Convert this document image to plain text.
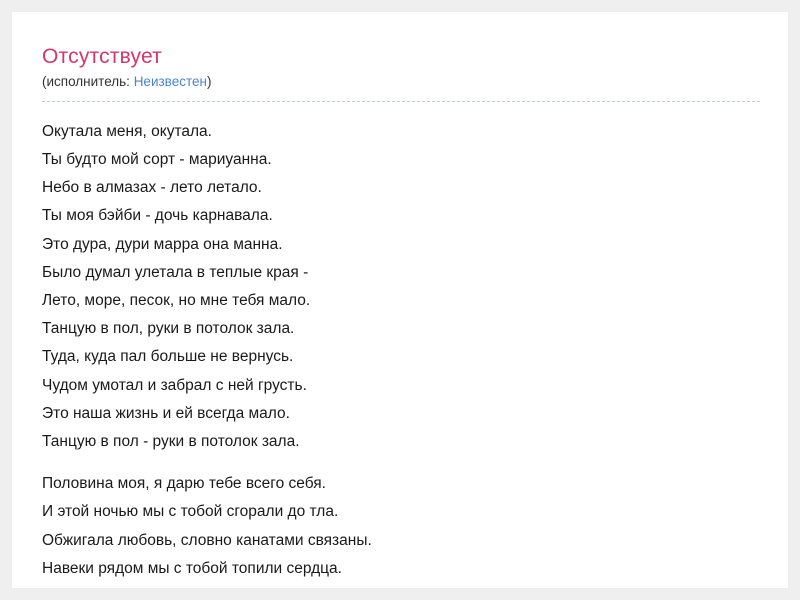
Отсутствует

(исполнитель: Неизвестен)

Окутала меня, окутала.
Ты будто мой сорт - мариуанна.
Небо в алмазах - лето летало.
Ты моя бэйби - дочь карнавала.
Это дура, дури марра она манна.
Было думал улетала в теплые края -
Лето, море, песок, но мне тебя мало.
Танцую в пол, руки в потолок зала.
Туда, куда пал больше не вернусь.
Чудом умотал и забрал с ней грусть.
Это наша жизнь и ей всегда мало.
Танцую в пол - руки в потолок зала.
Половина моя, я дарю тебе всего себя.
И этой ночью мы с тобой сгорали до тла.
Обжигала любовь, словно канатами связаны.
Навеки рядом мы с тобой топили сердца.
